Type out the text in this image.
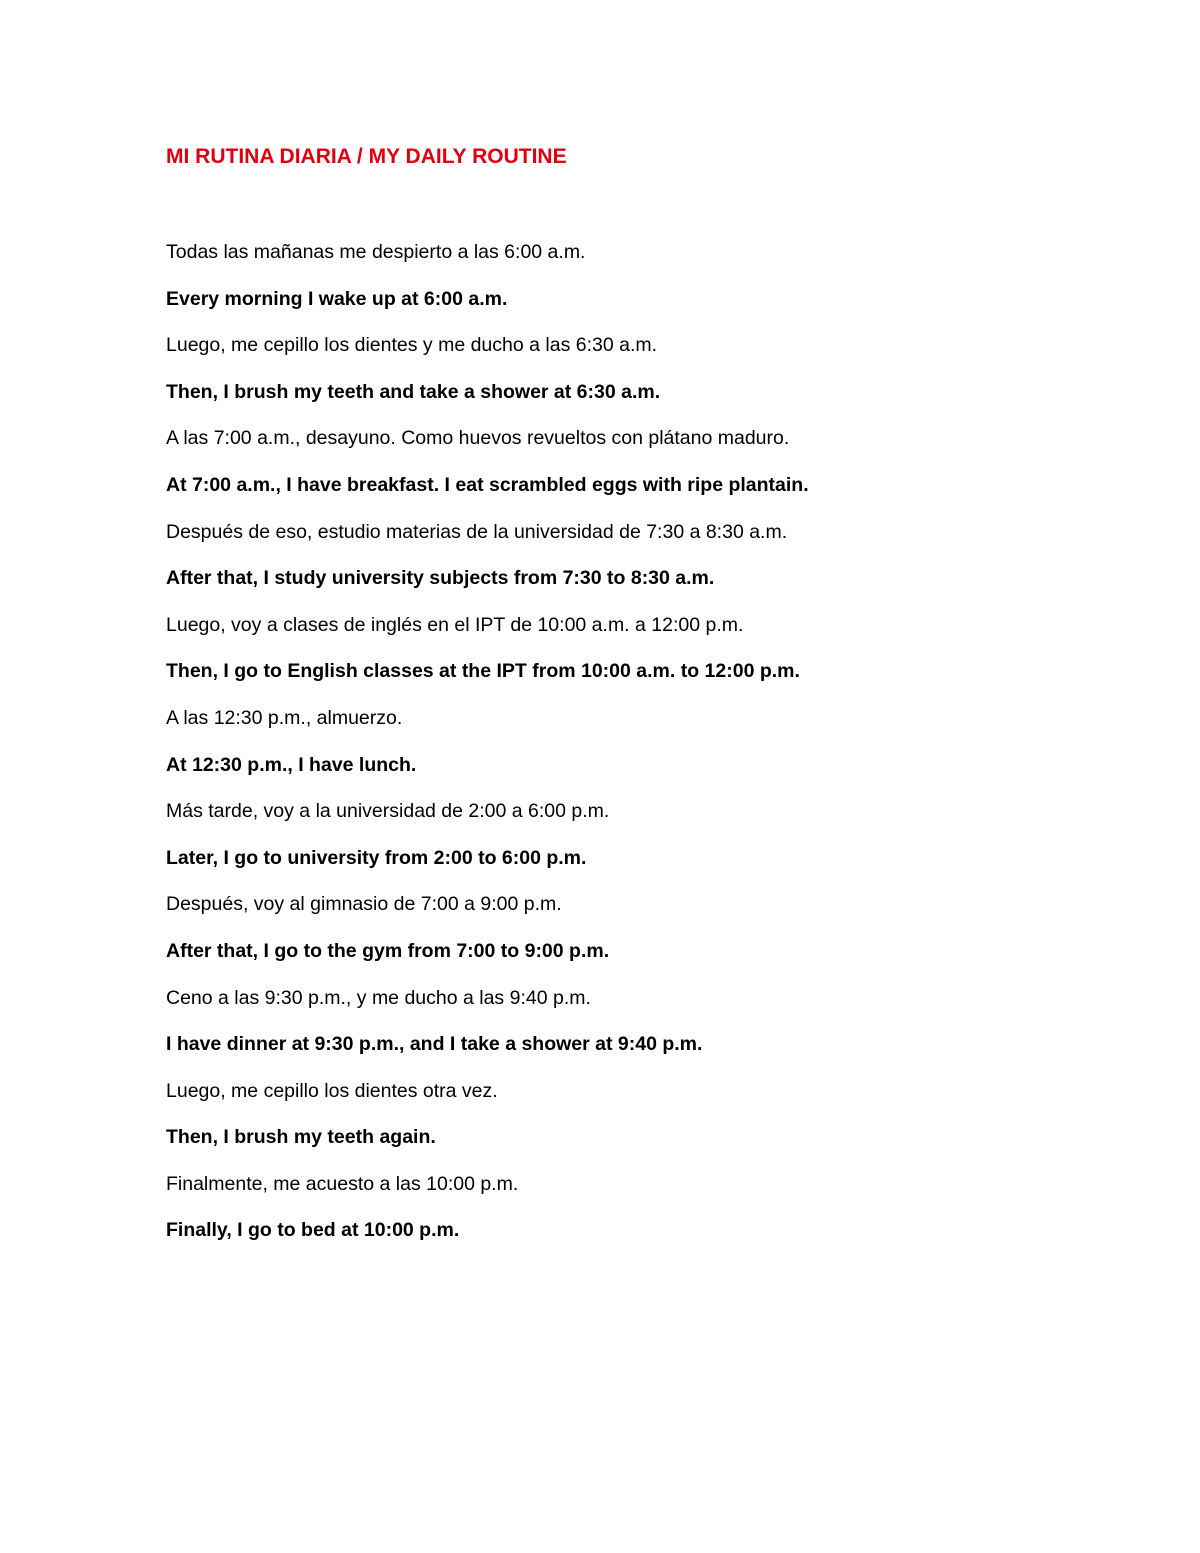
MI RUTINA DIARIA / MY DAILY ROUTINE
Todas las mañanas me despierto a las 6:00 a.m.
Every morning I wake up at 6:00 a.m.
Luego, me cepillo los dientes y me ducho a las 6:30 a.m.
Then, I brush my teeth and take a shower at 6:30 a.m.
A las 7:00 a.m., desayuno. Como huevos revueltos con plátano maduro.
At 7:00 a.m., I have breakfast. I eat scrambled eggs with ripe plantain.
Después de eso, estudio materias de la universidad de 7:30 a 8:30 a.m.
After that, I study university subjects from 7:30 to 8:30 a.m.
Luego, voy a clases de inglés en el IPT de 10:00 a.m. a 12:00 p.m.
Then, I go to English classes at the IPT from 10:00 a.m. to 12:00 p.m.
A las 12:30 p.m., almuerzo.
At 12:30 p.m., I have lunch.
Más tarde, voy a la universidad de 2:00 a 6:00 p.m.
Later, I go to university from 2:00 to 6:00 p.m.
Después, voy al gimnasio de 7:00 a 9:00 p.m.
After that, I go to the gym from 7:00 to 9:00 p.m.
Ceno a las 9:30 p.m., y me ducho a las 9:40 p.m.
I have dinner at 9:30 p.m., and I take a shower at 9:40 p.m.
Luego, me cepillo los dientes otra vez.
Then, I brush my teeth again.
Finalmente, me acuesto a las 10:00 p.m.
Finally, I go to bed at 10:00 p.m.
